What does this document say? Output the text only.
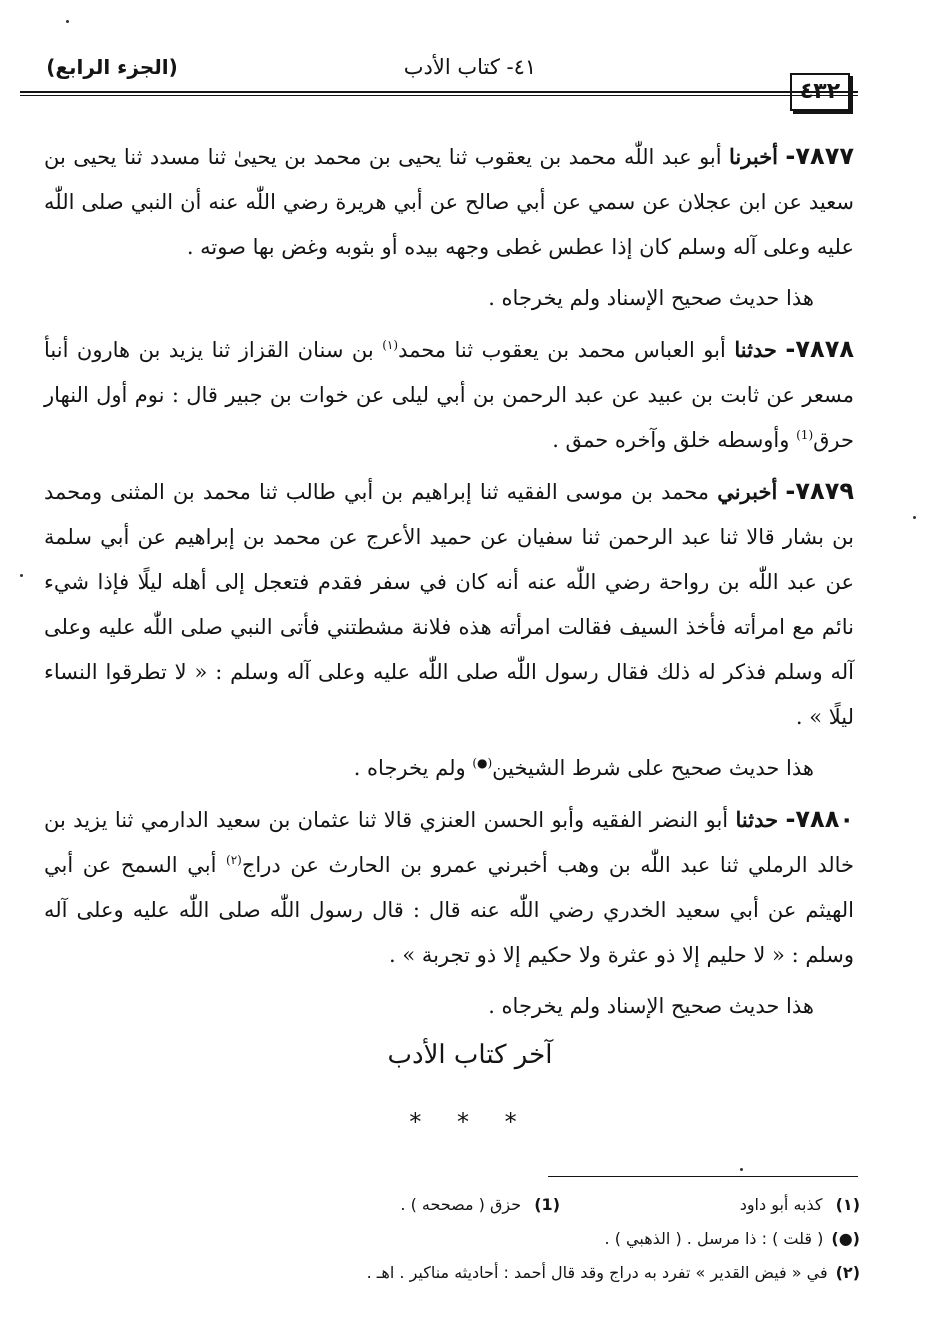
٤٣٢
٤١- كتاب الأدب
(الجزء الرابع)

٧٨٧٧- أخبرنا أبو عبد اللّٰه محمد بن يعقوب ثنا يحيى بن محمد بن يحيىٰ ثنا مسدد ثنا يحيى بن سعيد عن ابن عجلان عن سمي عن أبي صالح عن أبي هريرة رضي اللّٰه عنه أن النبي صلى اللّٰه عليه وعلى آله وسلم كان إذا عطس غطى وجهه بيده أو بثوبه وغض بها صوته .

هذا حديث صحيح الإسناد ولم يخرجاه .

٧٨٧٨- حدثنا أبو العباس محمد بن يعقوب ثنا محمد$^{(١)}$ بن سنان القزاز ثنا يزيد بن هارون أنبأ مسعر عن ثابت بن عبيد عن عبد الرحمن بن أبي ليلى عن خوات بن جبير قال : نوم أول النهار حرق$^{(1)}$ وأوسطه خلق وآخره حمق .

٧٨٧٩- أخبرني محمد بن موسى الفقيه ثنا إبراهيم بن أبي طالب ثنا محمد بن المثنى ومحمد بن بشار قالا ثنا عبد الرحمن ثنا سفيان عن حميد الأعرج عن محمد بن إبراهيم عن أبي سلمة عن عبد اللّٰه بن رواحة رضي اللّٰه عنه أنه كان في سفر فقدم فتعجل إلى أهله ليلًا فإذا شيء نائم مع امرأته فأخذ السيف فقالت امرأته هذه فلانة مشطتني فأتى النبي صلى اللّٰه عليه وعلى آله وسلم فذكر له ذلك فقال رسول اللّٰه صلى اللّٰه عليه وعلى آله وسلم : « لا تطرقوا النساء ليلًا » .

هذا حديث صحيح على شرط الشيخين(●) ولم يخرجاه .

٧٨٨٠- حدثنا أبو النضر الفقيه وأبو الحسن العنزي قالا ثنا عثمان بن سعيد الدارمي ثنا يزيد بن خالد الرملي ثنا عبد اللّٰه بن وهب أخبرني عمرو بن الحارث عن دراج$^{(٢)}$ أبي السمح عن أبي الهيثم عن أبي سعيد الخدري رضي اللّٰه عنه قال : قال رسول اللّٰه صلى اللّٰه عليه وعلى آله وسلم : « لا حليم إلا ذو عثرة ولا حكيم إلا ذو تجربة » .

هذا حديث صحيح الإسناد ولم يخرجاه .

آخر كتاب الأدب
* * *
(١) كذبه أبو داود
(1) حزق ( مصححه ) .
(●)
( قلت ) : ذا مرسل . ( الذهبي ) .
(٢)
في « فيض القدير » تفرد به دراج وقد قال أحمد : أحاديثه مناكير . اهـ .
